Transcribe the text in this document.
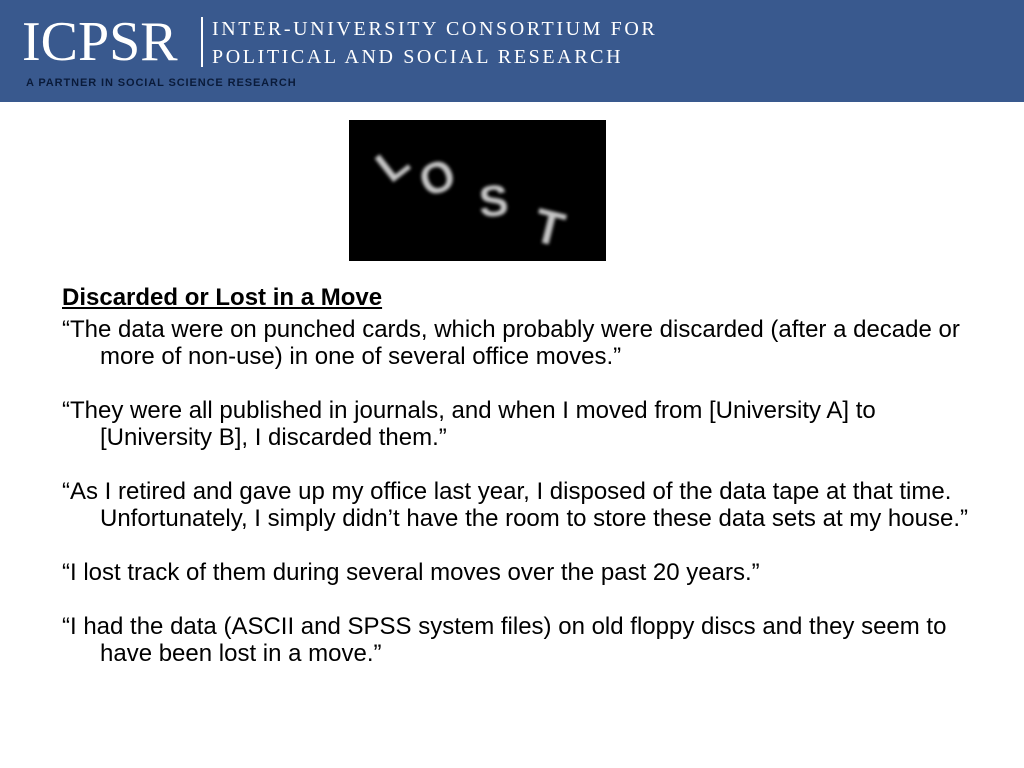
ICPSR INTER-UNIVERSITY CONSORTIUM FOR
POLITICAL AND SOCIAL RESEARCH
A PARTNER IN SOCIAL SCIENCE RESEARCH
L
O S T
Discarded or Lost in a Move
“The data were on punched cards, which probably were discarded (after a decade or more of non-use) in one of several office moves.”
“They were all published in journals, and when I moved from [University A] to [University B], I discarded them.”
“As I retired and gave up my office last year, I disposed of the data tape at that time. Unfortunately, I simply didn’t have the room to store these data sets at my house.”
“I lost track of them during several moves over the past 20 years.”
“I had the data (ASCII and SPSS system files) on old floppy discs and they seem to have been lost in a move.”
